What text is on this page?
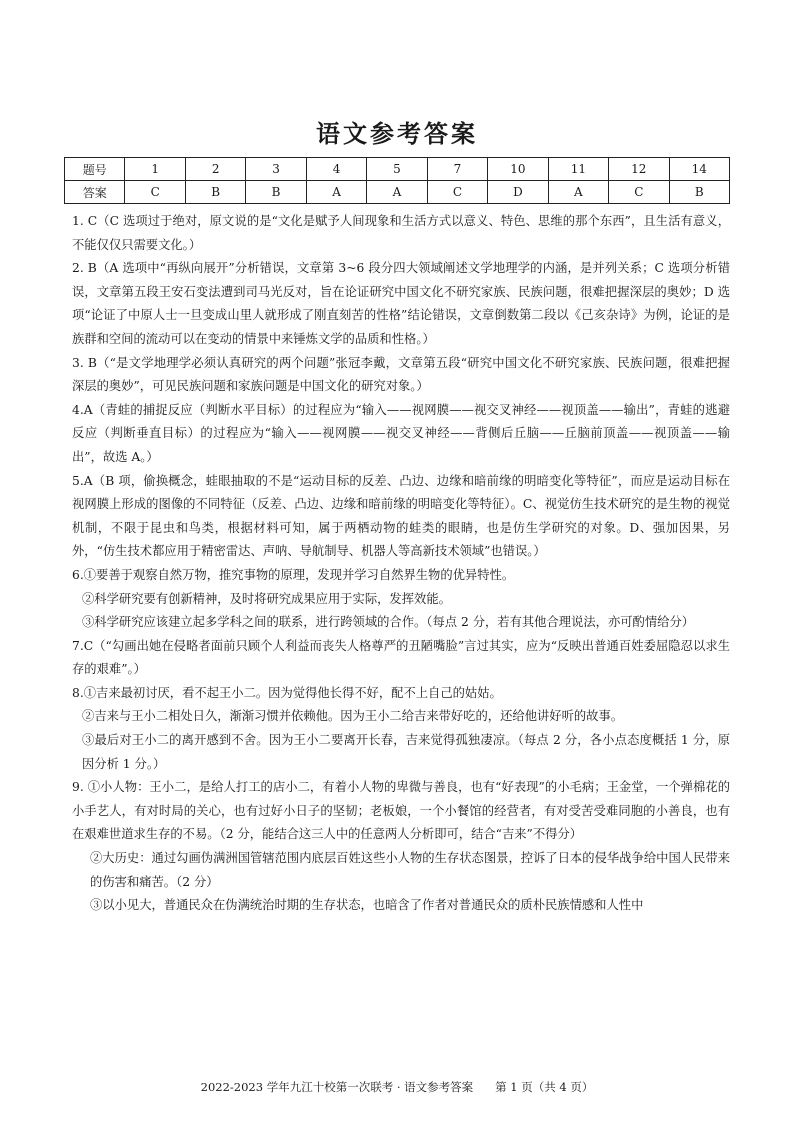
语文参考答案
题号	1	2	3	4	5	7	10	11	12	14
答案	C	B	B	A	A	C	D	A	C	B

1. C（C 选项过于绝对，原文说的是“文化是赋予人间现象和生活方式以意义、特色、思维的那个东西”，且生活有意义，不能仅仅只需要文化。）

2. B（A 选项中“再纵向展开”分析错误，文章第 3~6 段分四大领域阐述文学地理学的内涵，是并列关系；C 选项分析错误，文章第五段王安石变法遭到司马光反对，旨在论证研究中国文化不研究家族、民族问题，很难把握深层的奥妙；D 选项“论证了中原人士一旦变成山里人就形成了刚直刻苦的性格”结论错误，文章倒数第二段以《己亥杂诗》为例，论证的是族群和空间的流动可以在变动的情景中来锤炼文学的品质和性格。）

3. B（“是文学地理学必须认真研究的两个问题”张冠李戴，文章第五段“研究中国文化不研究家族、民族问题，很难把握深层的奥妙”，可见民族问题和家族问题是中国文化的研究对象。）

4.A（青蛙的捕捉反应（判断水平目标）的过程应为“输入——视网膜——视交叉神经——视顶盖——输出”，青蛙的逃避反应（判断垂直目标）的过程应为“输入——视网膜——视交叉神经——背侧后丘脑——丘脑前顶盖——视顶盖——输出”，故选 A。）

5.A（B 项，偷换概念，蛙眼抽取的不是“运动目标的反差、凸边、边缘和暗前缘的明暗变化等特征”，而应是运动目标在视网膜上形成的图像的不同特征（反差、凸边、边缘和暗前缘的明暗变化等特征）。C、视觉仿生技术研究的是生物的视觉机制，不限于昆虫和鸟类，根据材料可知，属于两栖动物的蛙类的眼睛，也是仿生学研究的对象。D、强加因果，另外，“仿生技术都应用于精密雷达、声呐、导航制导、机器人等高新技术领域”也错误。）

6.①要善于观察自然万物，推究事物的原理，发现并学习自然界生物的优异特性。

②科学研究要有创新精神，及时将研究成果应用于实际，发挥效能。

③科学研究应该建立起多学科之间的联系，进行跨领域的合作。（每点 2 分，若有其他合理说法，亦可酌情给分）

7.C（“勾画出她在侵略者面前只顾个人利益而丧失人格尊严的丑陋嘴脸”言过其实，应为“反映出普通百姓委屈隐忍以求生存的艰难”。）

8.①吉来最初讨厌，看不起王小二。因为觉得他长得不好，配不上自己的姑姑。

②吉来与王小二相处日久，渐渐习惯并依赖他。因为王小二给吉来带好吃的，还给他讲好听的故事。

③最后对王小二的离开感到不舍。因为王小二要离开长春，吉来觉得孤独凄凉。（每点 2 分，各小点态度概括 1 分，原因分析 1 分。）

9. ①小人物：王小二，是给人打工的店小二，有着小人物的卑微与善良，也有“好表现”的小毛病；王金堂，一个弹棉花的小手艺人，有对时局的关心，也有过好小日子的坚韧；老板娘，一个小餐馆的经营者，有对受苦受难同胞的小善良，也有在艰难世道求生存的不易。（2 分，能结合这三人中的任意两人分析即可，结合“吉来”不得分）

②大历史：通过勾画伪满洲国管辖范围内底层百姓这些小人物的生存状态图景，控诉了日本的侵华战争给中国人民带来的伤害和痛苦。（2 分）

③以小见大，普通民众在伪满统治时期的生存状态，也暗含了作者对普通民众的质朴民族情感和人性中

2022-2023 学年九江十校第一次联考 · 语文参考答案 第 1 页（共 4 页）
